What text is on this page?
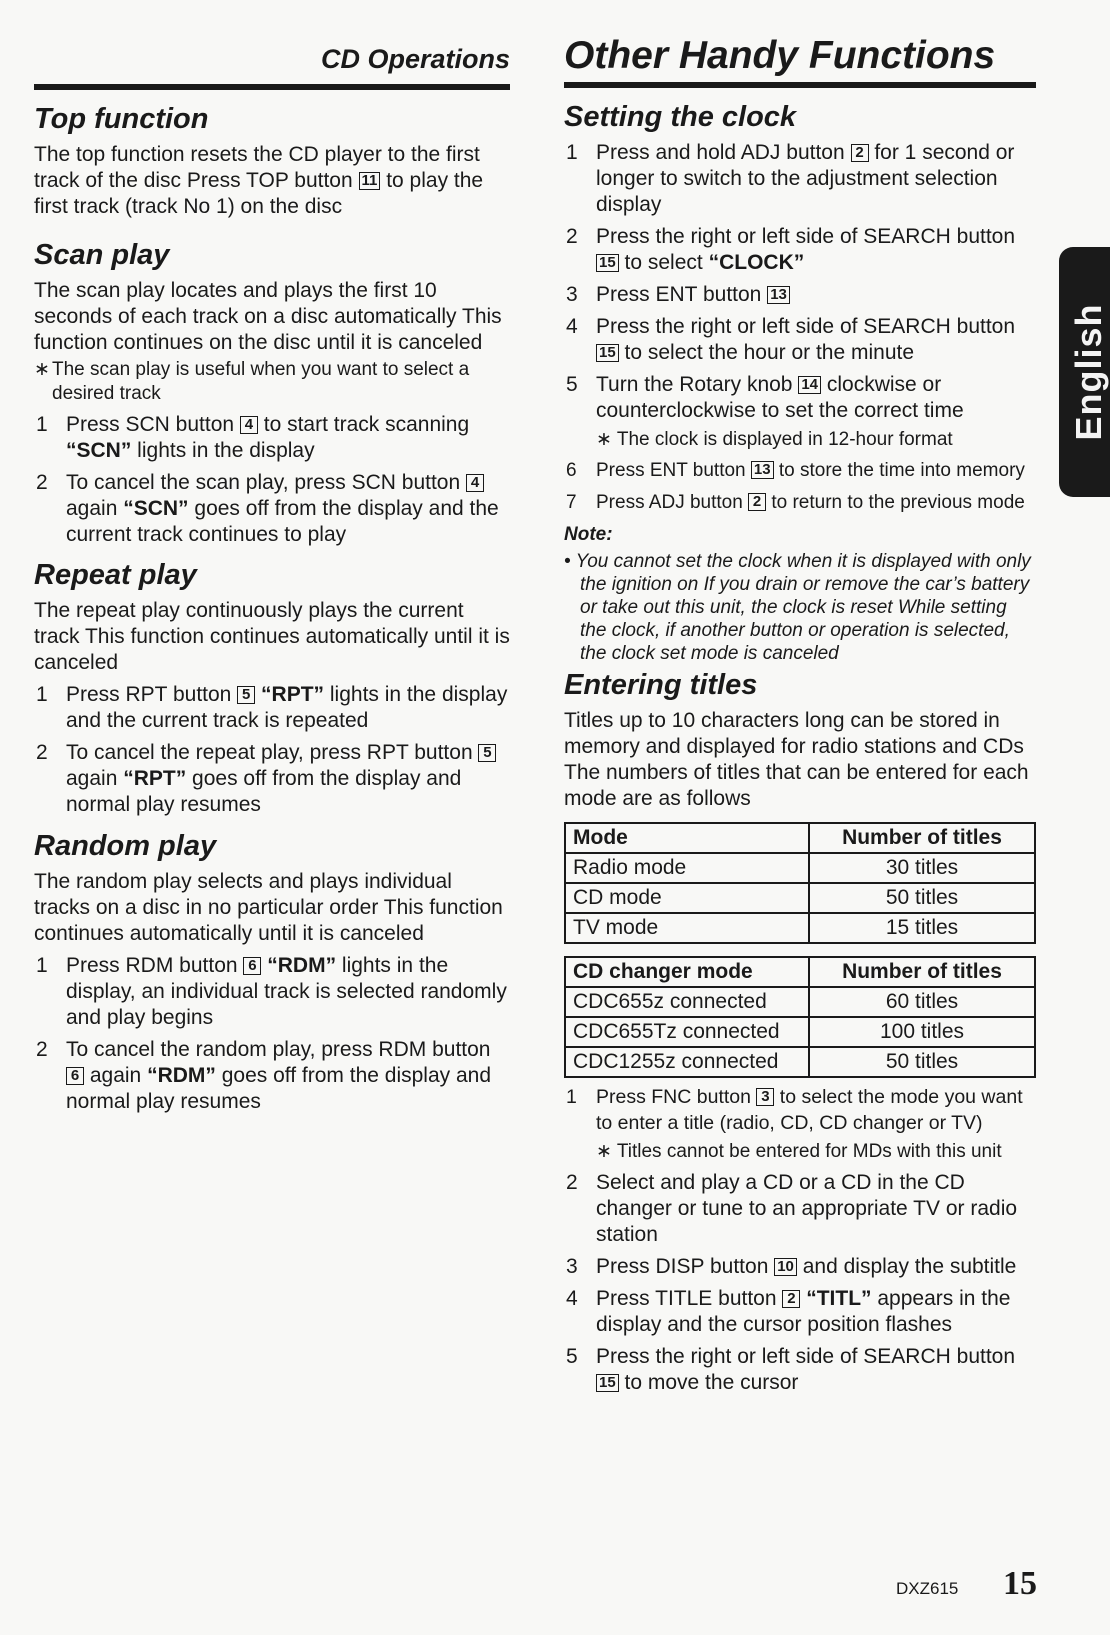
CD Operations
Top function

The top function resets the CD player to the first track of the disc Press TOP button 11 to play the first track (track No 1) on the disc

Scan play

The scan play locates and plays the first 10 seconds of each track on a disc automatically This function continues on the disc until it is canceled

∗ The scan play is useful when you want to select a desired track
1 Press SCN button 4 to start track scanning “SCN” lights in the display
2 To cancel the scan play, press SCN button 4 again “SCN” goes off from the display and the current track continues to play
Repeat play

The repeat play continuously plays the current track This function continues automatically until it is canceled

1 Press RPT button 5 “RPT” lights in the display and the current track is repeated
2 To cancel the repeat play, press RPT button 5 again “RPT” goes off from the display and normal play resumes
Random play

The random play selects and plays individual tracks on a disc in no particular order This function continues automatically until it is canceled

1 Press RDM button 6 “RDM” lights in the display, an individual track is selected randomly and play begins
2 To cancel the random play, press RDM button 6 again “RDM” goes off from the display and normal play resumes
Other Handy Functions
Setting the clock
1 Press and hold ADJ button 2 for 1 second or longer to switch to the adjustment selection display
2 Press the right or left side of SEARCH button 15 to select “CLOCK”
3 Press ENT button 13
4 Press the right or left side of SEARCH button 15 to select the hour or the minute
5 Turn the Rotary knob 14 clockwise or counterclockwise to set the correct time
∗ The clock is displayed in 12-hour format
6 Press ENT button 13 to store the time into memory
7 Press ADJ button 2 to return to the previous mode
Note:
• You cannot set the clock when it is displayed with only the ignition on If you drain or remove the car’s battery or take out this unit, the clock is reset While setting the clock, if another button or operation is selected, the clock set mode is canceled
Entering titles

Titles up to 10 characters long can be stored in memory and displayed for radio stations and CDs The numbers of titles that can be entered for each mode are as follows

Mode	Number of titles
Radio mode	30 titles
CD mode	50 titles
TV mode	15 titles
CD changer mode	Number of titles
CDC655z connected	60 titles
CDC655Tz connected	100 titles
CDC1255z connected	50 titles
1 Press FNC button 3 to select the mode you want to enter a title (radio, CD, CD changer or TV)
∗ Titles cannot be entered for MDs with this unit
2 Select and play a CD or a CD in the CD changer or tune to an appropriate TV or radio station
3 Press DISP button 10 and display the subtitle
4 Press TITLE button 2 “TITL” appears in the display and the cursor position flashes
5 Press the right or left side of SEARCH button 15 to move the cursor
English
DXZ615 15
